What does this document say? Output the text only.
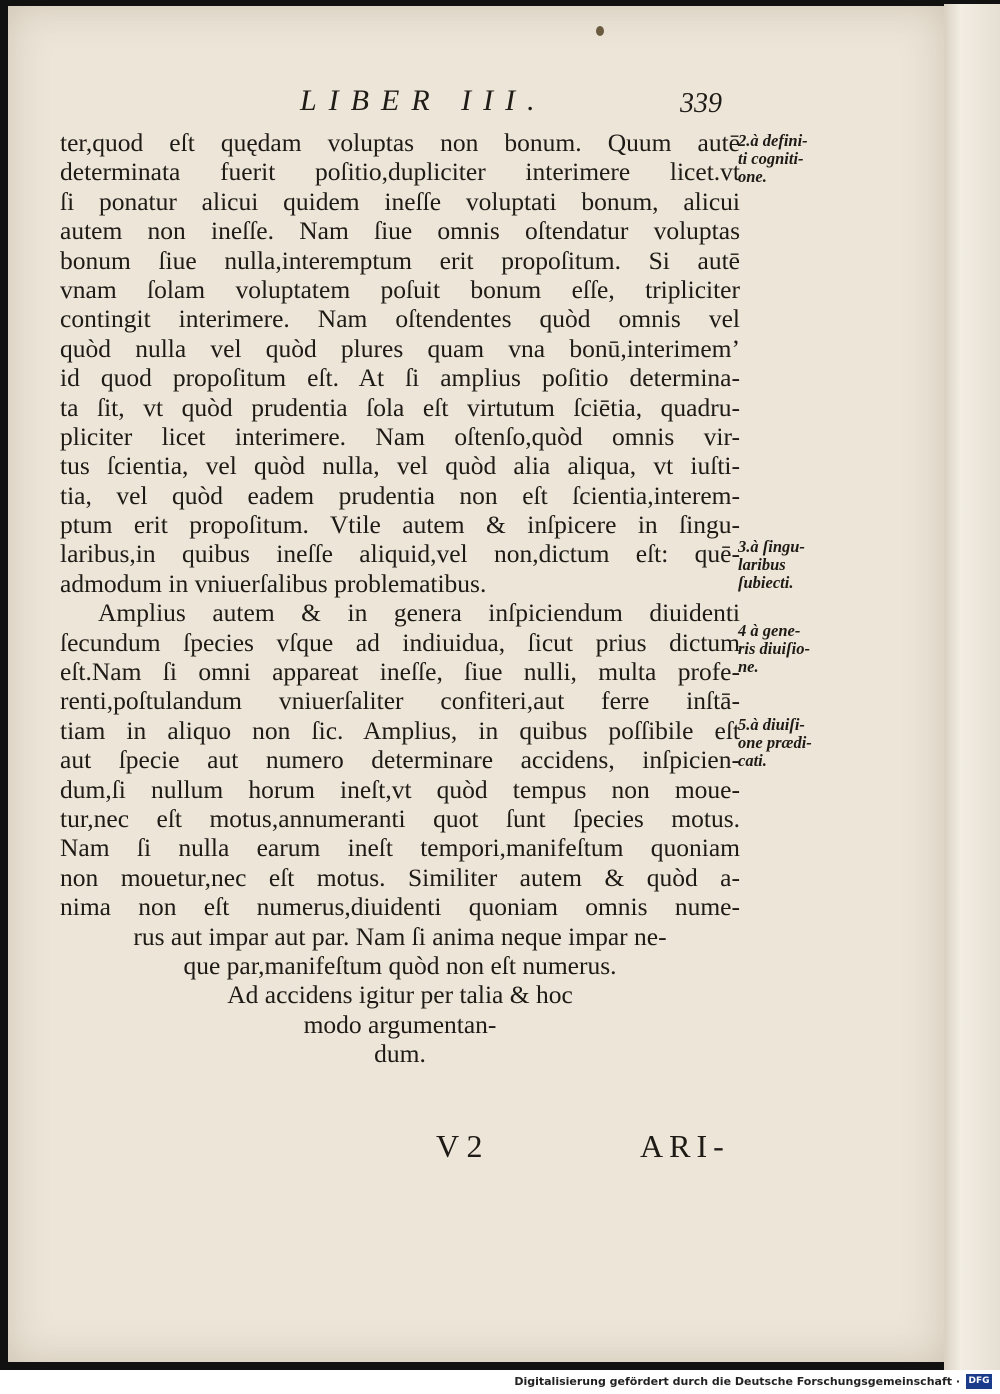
LIBER III.	339
ter,quod eſt quędam voluptas non bonum. Quum autē
determinata fuerit poſitio,dupliciter interimere licet.vt
ſi ponatur alicui quidem ineſſe voluptati bonum, alicui
autem non ineſſe. Nam ſiue omnis oſtendatur voluptas
bonum ſiue nulla,interemptum erit propoſitum. Si autē
vnam ſolam voluptatem poſuit bonum eſſe, tripliciter
contingit interimere. Nam oſtendentes quòd omnis vel
quòd nulla vel quòd plures quam vna bonū,interimem’
id quod propoſitum eſt. At ſi amplius poſitio determina-
ta ſit, vt quòd prudentia ſola eſt virtutum ſciētia, quadru-
pliciter licet interimere. Nam oſtenſo,quòd omnis vir-
tus ſcientia, vel quòd nulla, vel quòd alia aliqua, vt iuſti-
tia, vel quòd eadem prudentia non eſt ſcientia,interem-
ptum erit propoſitum. Vtile autem & inſpicere in ſingu-
laribus,in quibus ineſſe aliquid,vel non,dictum eſt: quē-
admodum in vniuerſalibus problematibus.
Amplius autem & in genera inſpiciendum diuidenti
ſecundum ſpecies vſque ad indiuidua, ſicut prius dictum
eſt.Nam ſi omni appareat ineſſe, ſiue nulli, multa profe-
renti,poſtulandum vniuerſaliter confiteri,aut ferre inſtā-
tiam in aliquo non ſic. Amplius, in quibus poſſibile eſt
aut ſpecie aut numero determinare accidens, inſpicien-
dum,ſi nullum horum ineſt,vt quòd tempus non moue-
tur,nec eſt motus,annumeranti quot ſunt ſpecies motus.
Nam ſi nulla earum ineſt tempori,manifeſtum quoniam
non mouetur,nec eſt motus. Similiter autem & quòd a-
nima non eſt numerus,diuidenti quoniam omnis nume-
rus aut impar aut par. Nam ſi anima neque impar ne-
que par,manifeſtum quòd non eſt numerus.
Ad accidens igitur per talia & hoc
modo argumentan-
dum.
2.à defini-
ti cogniti-
one.
3.à ſingu-
laribus
ſubiecti.
4 à gene-
ris diuiſio-
ne.
5.à diuiſi-
one prædi-
cati.
V 2	ARI-
Digitalisierung gefördert durch die Deutsche Forschungsgemeinschaft · DFG
